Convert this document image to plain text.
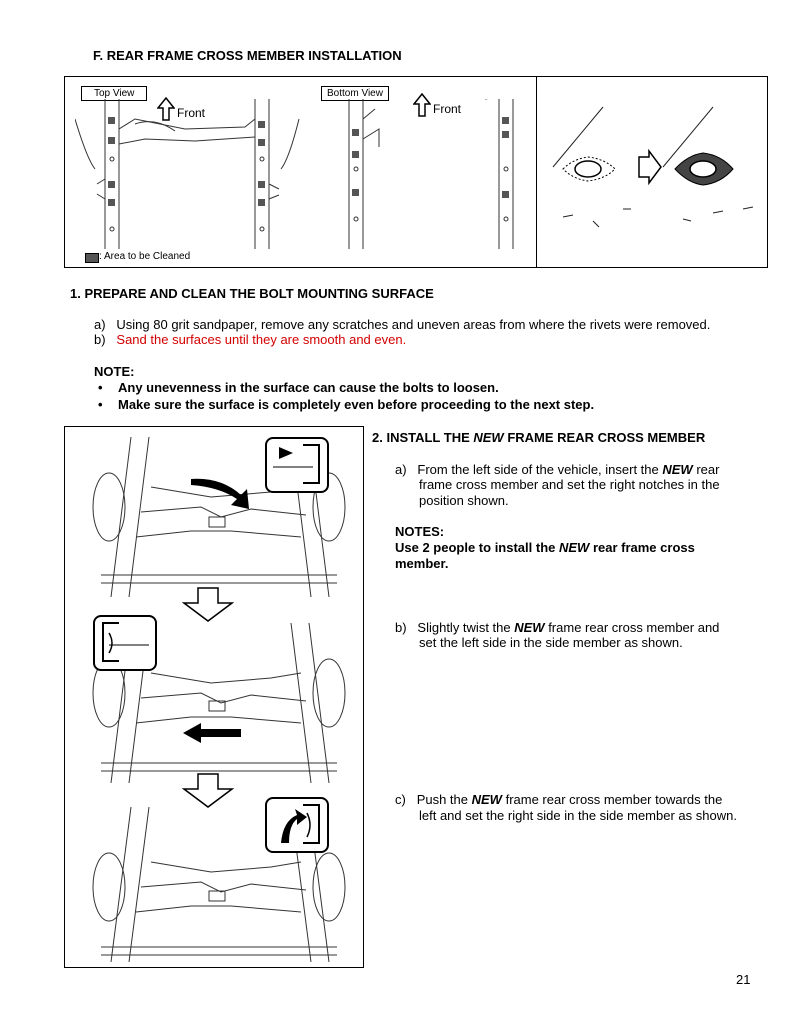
F. REAR FRAME CROSS MEMBER INSTALLATION
Top View	Bottom View
Front	Front
: Area to be Cleaned
1. PREPARE AND CLEAN THE BOLT MOUNTING SURFACE
a) Using 80 grit sandpaper, remove any scratches and uneven areas from where the rivets were removed.
b) Sand the surfaces until they are smooth and even.
NOTE:
• Any unevenness in the surface can cause the bolts to loosen.
• Make sure the surface is completely even before proceeding to the next step.
2. INSTALL THE NEW FRAME REAR CROSS MEMBER
a) From the left side of the vehicle, insert the NEW rear
frame cross member and set the right notches in the
position shown.
NOTES:
Use 2 people to install the NEW rear frame cross
member.
b) Slightly twist the NEW frame rear cross member and
set the left side in the side member as shown.
c) Push the NEW frame rear cross member towards the
left and set the right side in the side member as shown.
21
